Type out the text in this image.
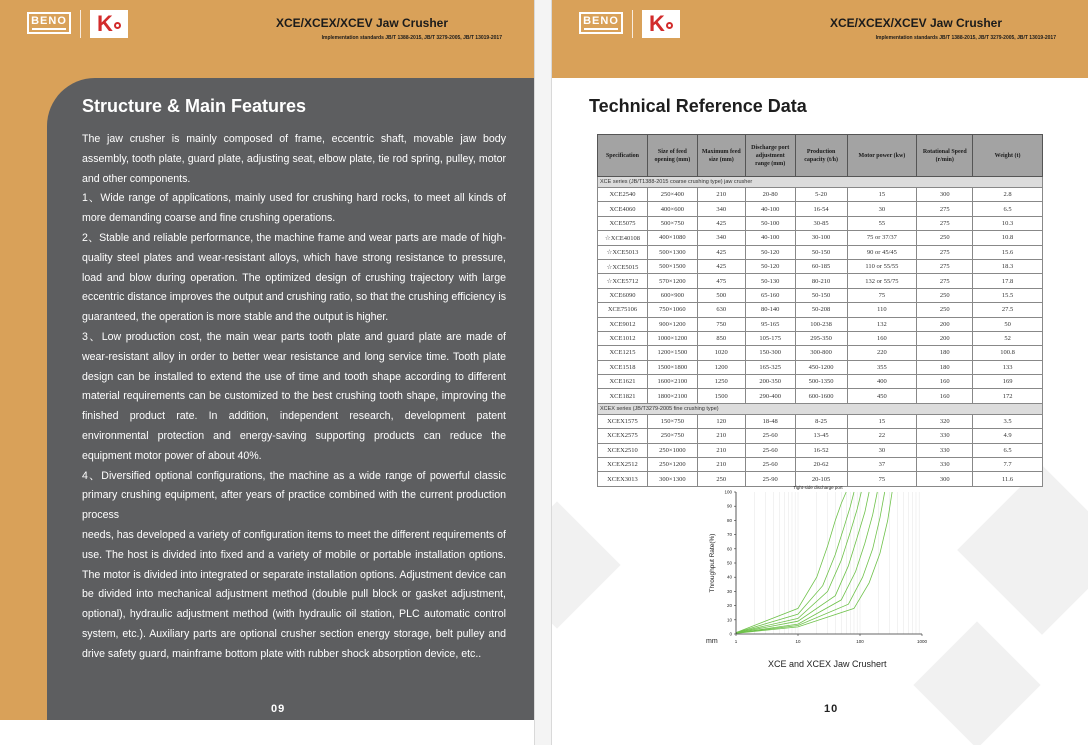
BENO	K	XCE/XCEX/XCEV Jaw Crusher
Implementation standards JB/T 1388-2015, JB/T 3279-2005, JB/T 13019-2017
Structure & Main Features

The jaw crusher is mainly composed of frame, eccentric shaft, movable jaw body assembly, tooth plate, guard plate, adjusting seat, elbow plate, tie rod spring, pulley, motor and other components.

1、Wide range of applications, mainly used for crushing hard rocks, to meet all kinds of more demanding coarse and fine crushing operations.

2、Stable and reliable performance, the machine frame and wear parts are made of high-quality steel plates and wear-resistant alloys, which have strong resistance to pressure, load and blow during operation. The optimized design of crushing trajectory with large eccentric distance improves the output and crushing ratio, so that the crushing efficiency is guaranteed, the operation is more stable and the output is higher.

3、Low production cost, the main wear parts tooth plate and guard plate are made of wear-resistant alloy in order to better wear resistance and long service time. Tooth plate design can be installed to extend the use of time and tooth shape according to different material requirements can be customized to the best crushing tooth shape, improving the finished product rate. In addition, independent research, development patent environmental protection and energy-saving supporting products can reduce the equipment motor power of about 40%.

4、Diversified optional configurations, the machine as a wide range of powerful classic primary crushing equipment, after years of practice combined with the current production process

needs, has developed a variety of configuration items to meet the different requirements of use. The host is divided into fixed and a variety of mobile or portable installation options. The motor is divided into integrated or separate installation options. Adjustment device can be divided into mechanical adjustment method (double pull block or gasket adjustment, optional), hydraulic adjustment method (with hydraulic oil station, PLC automatic control system, etc.). Auxiliary parts are optional crusher section energy storage, belt pulley and drive safety guard, mainframe bottom plate with rubber shock absorption device, etc..

09
BENO	K	XCE/XCEX/XCEV Jaw Crusher
Implementation standards JB/T 1388-2015, JB/T 3279-2005, JB/T 13019-2017
Technical Reference Data
Specification	Size of feed opening (mm)	Maximum feed size (mm)	Discharge port adjustment range (mm)	Production capacity (t/h)	Motor power (kw)	Rotational Speed (r/min)	Weight (t)
XCE series (JB/T1388-2015 coarse crushing type) jaw crusher							
XCE2540	250×400	210	20-80	5-20	15	300	2.8
XCE4060	400×600	340	40-100	16-54	30	275	6.5
XCE5075	500×750	425	50-100	30-85	55	275	10.3
☆XCE40108	400×1080	340	40-100	30-100	75 or 37/37	250	10.8
☆XCE5013	500×1300	425	50-120	50-150	90 or 45/45	275	15.6
☆XCE5015	500×1500	425	50-120	60-185	110 or 55/55	275	18.3
☆XCE5712	570×1200	475	50-130	80-210	132 or 55/75	275	17.8
XCE6090	600×900	500	65-160	50-150	75	250	15.5
XCE75106	750×1060	630	80-140	50-208	110	250	27.5
XCE9012	900×1200	750	95-165	100-238	132	200	50
XCE1012	1000×1200	850	105-175	295-350	160	200	52
XCE1215	1200×1500	1020	150-300	300-800	220	180	100.8
XCE1518	1500×1800	1200	165-325	450-1200	355	180	133
XCE1621	1600×2100	1250	200-350	500-1350	400	160	169
XCE1821	1800×2100	1500	290-400	600-1600	450	160	172
XCEX series (JB/T3279-2005 fine crushing type)							
XCEX1575	150×750	120	18-48	8-25	15	320	3.5
XCEX2575	250×750	210	25-60	13-45	22	330	4.9
XCEX2510	250×1000	210	25-60	16-52	30	330	6.5
XCEX2512	250×1200	210	25-60	20-62	37	330	7.7
XCEX3013	300×1300	250	25-90	20-105	75	300	11.6
100
90
80
70
60
50
40
30
20
10
0
1	10	100	1000
mm
Throughput Rate(%)
Tight-side discharge port
XCE and XCEX Jaw Crushert
10
